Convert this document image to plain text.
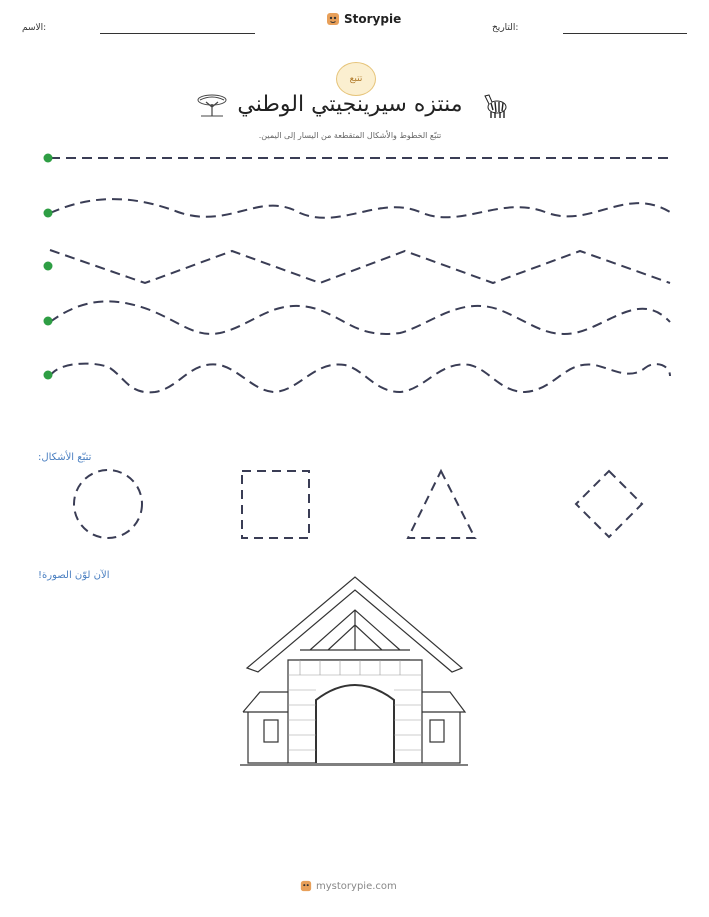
التاريخ:
Storypie
الاسم:
تتبع
منتزه سيرينجيتي الوطني
تتبّع الخطوط والأشكال المتقطعة من اليسار إلى اليمين.
تتبّع الأشكال:
الآن لوّن الصورة!
mystorypie.com
